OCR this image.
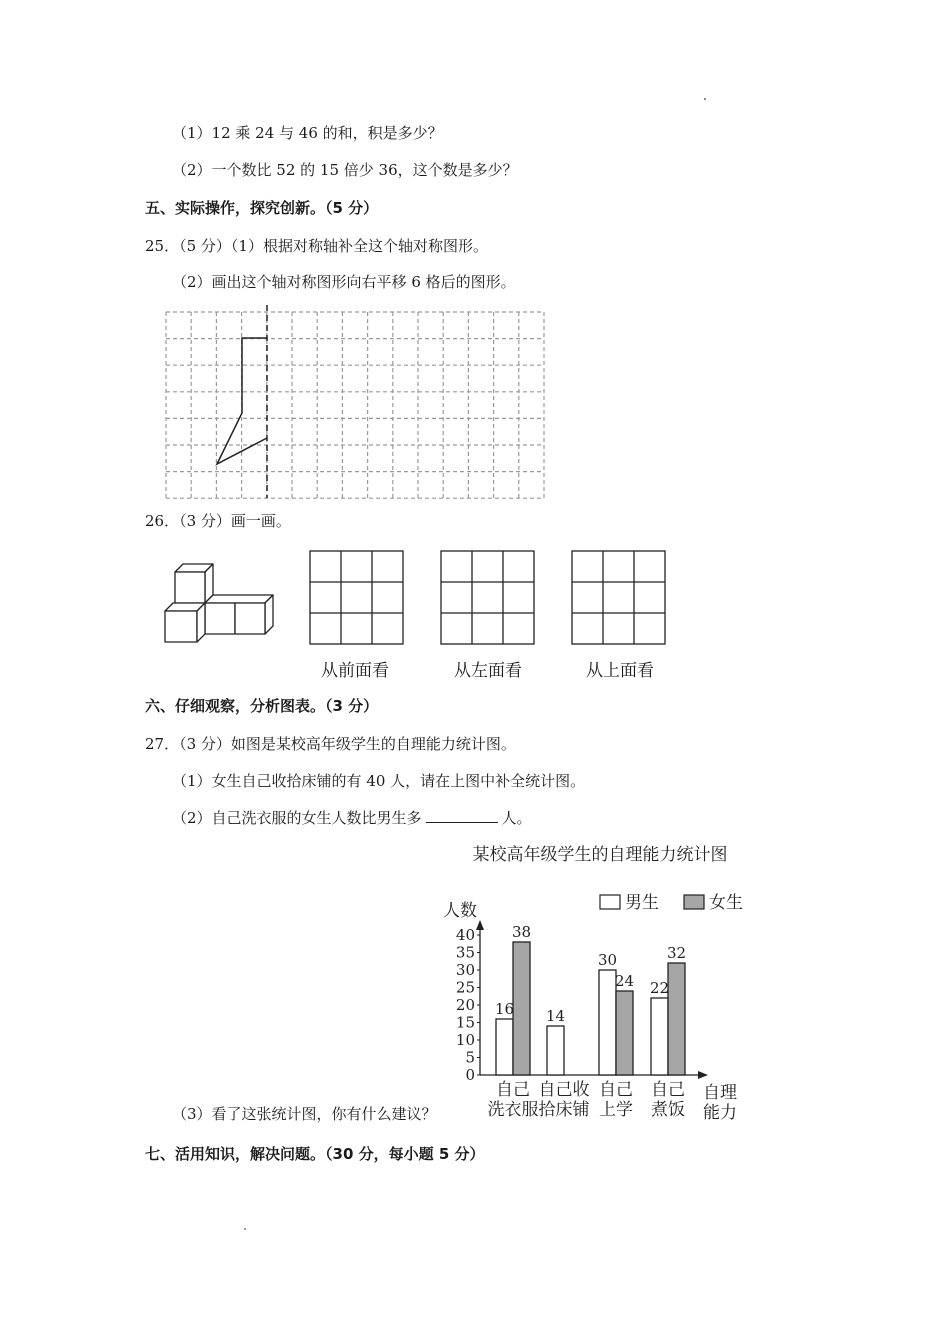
（1）12 乘 24 与 46 的和，积是多少？
（2）一个数比 52 的 15 倍少 36，这个数是多少？
五、实际操作，探究创新。（5 分）
25．（5 分）（1）根据对称轴补全这个轴对称图形。
（2）画出这个轴对称图形向右平移 6 格后的图形。
26．（3 分）画一画。
从前面看	从左面看	从上面看
六、仔细观察，分析图表。（3 分）
27．（3 分）如图是某校高年级学生的自理能力统计图。
（1）女生自己收拾床铺的有 40 人，请在上图中补全统计图。
（2）自己洗衣服的女生人数比男生多	人。
某校高年级学生的自理能力统计图
男生	女生
人数
自理
能力
0
5
10
15
20
25
30
35
40
16
38
自己
洗衣服
14
自己收
拾床铺
30
24
自己
上学
22
32
自己
煮饭
（3）看了这张统计图，你有什么建议？
七、活用知识，解决问题。（30 分，每小题 5 分）
